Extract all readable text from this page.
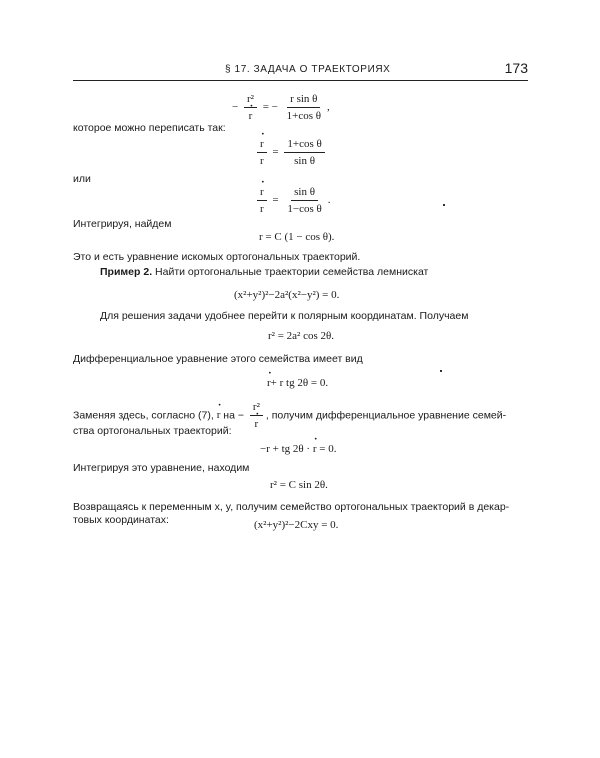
§ 17. ЗАДАЧА О ТРАЕКТОРИЯХ	173
− r²
· r = − $\frac{\text{r sin θ}}{\text{1+cos θ}}$ ,
которое можно переписать так:
· $\frac{r}{r} = \frac{\text{1+cos θ}}{\text{sin θ}}$
или
· $\frac{r}{r} = \frac{\text{sin θ}}{\text{1−cos θ}}$ .
Интегрируя, найдем
r = C (1 − cos θ).
Это и есть уравнение искомых ортогональных траекторий.
Пример 2. Найти ортогональные траектории семейства лемнискат
(x²+y²)²−2a²(x²−y²) = 0.
Для решения задачи удобнее перейти к полярным координатам. Получаем
r² = 2a² cos 2θ.
Дифференциальное уравнение этого семейства имеет вид
· r+ r tg 2θ = 0.
Заменяя здесь, согласно (7), · r на − r²
· r , получим дифференциальное уравнение семей-
ства ортогональных траекторий:
−r + tg 2θ · · r = 0.
Интегрируя это уравнение, находим
r² = C sin 2θ.
Возвращаясь к переменным x, y, получим семейство ортогональных траекторий в декар-
товых координатах:	(x²+y²)²−2Cxy = 0.
